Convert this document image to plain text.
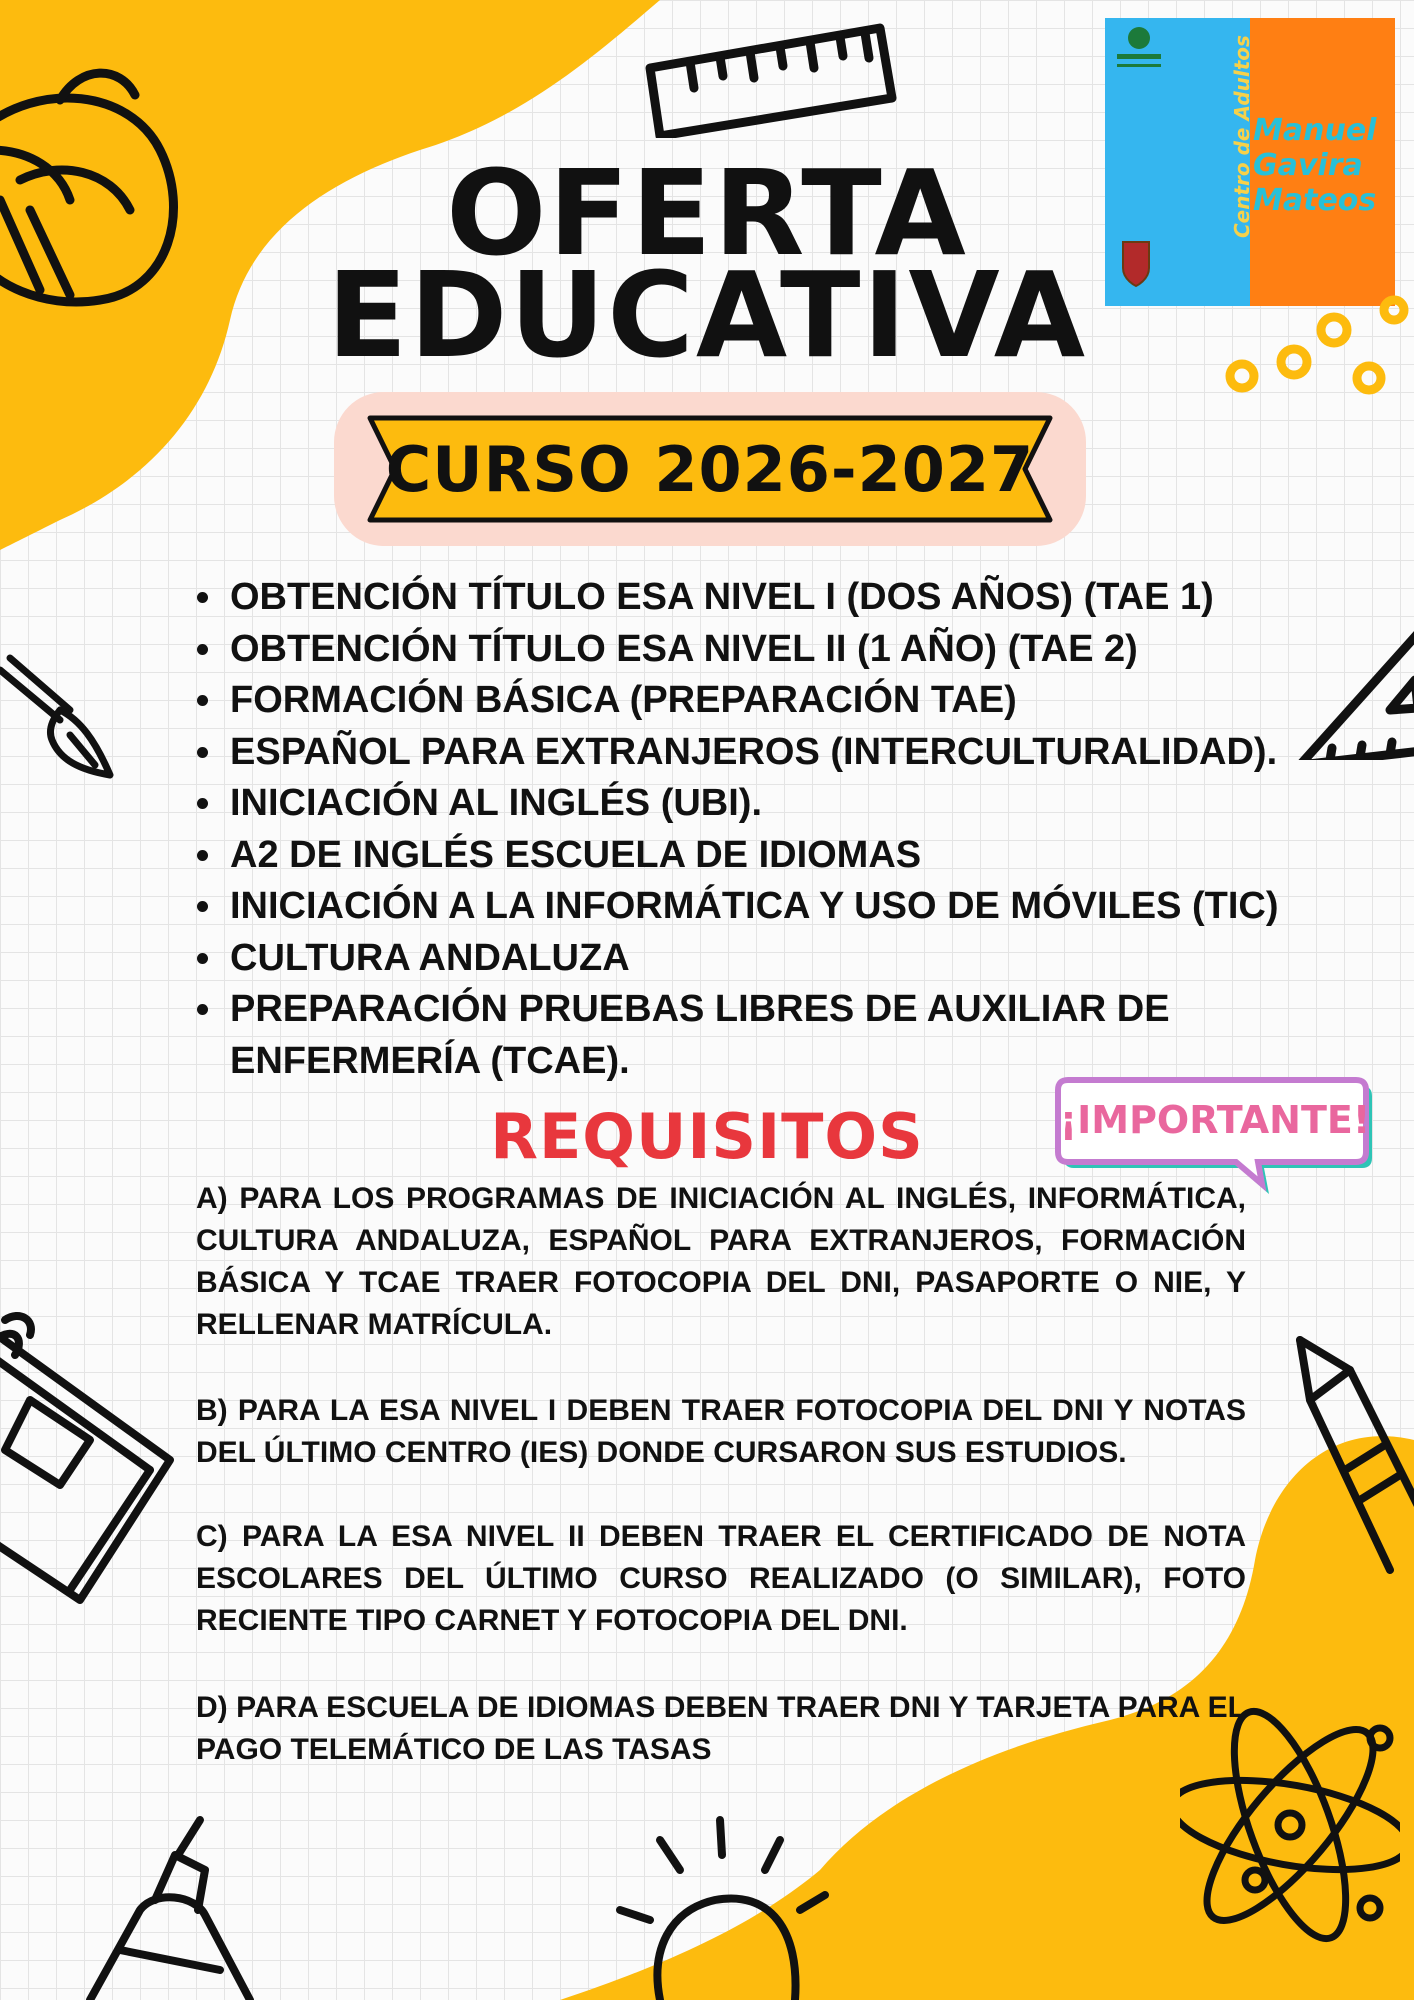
OFERTA
EDUCATIVA
Centro de Adultos Manuel
Gavira
Mateos
CURSO 2026-2027
• OBTENCIÓN TÍTULO ESA NIVEL I (DOS AÑOS) (TAE 1)
• OBTENCIÓN TÍTULO ESA NIVEL II (1 AÑO) (TAE 2)
• FORMACIÓN BÁSICA (PREPARACIÓN TAE)
• ESPAÑOL PARA EXTRANJEROS (INTERCULTURALIDAD).
• INICIACIÓN AL INGLÉS (UBI).
• A2 DE INGLÉS ESCUELA DE IDIOMAS
• INICIACIÓN A LA INFORMÁTICA Y USO DE MÓVILES (TIC)
• CULTURA ANDALUZA
• PREPARACIÓN PRUEBAS LIBRES DE AUXILIAR DE ENFERMERÍA (TCAE).
REQUISITOS	¡IMPORTANTE!

A) PARA LOS PROGRAMAS DE INICIACIÓN AL INGLÉS, INFORMÁTICA, CULTURA ANDALUZA, ESPAÑOL PARA EXTRANJEROS, FORMACIÓN BÁSICA Y TCAE TRAER FOTOCOPIA DEL DNI, PASAPORTE O NIE, Y RELLENAR MATRÍCULA.

B) PARA LA ESA NIVEL I DEBEN TRAER FOTOCOPIA DEL DNI Y NOTAS DEL ÚLTIMO CENTRO (IES) DONDE CURSARON SUS ESTUDIOS.

C) PARA LA ESA NIVEL II DEBEN TRAER EL CERTIFICADO DE NOTA ESCOLARES DEL ÚLTIMO CURSO REALIZADO (O SIMILAR), FOTO RECIENTE TIPO CARNET Y FOTOCOPIA DEL DNI.

D) PARA ESCUELA DE IDIOMAS DEBEN TRAER DNI Y TARJETA PARA EL PAGO TELEMÁTICO DE LAS TASAS
